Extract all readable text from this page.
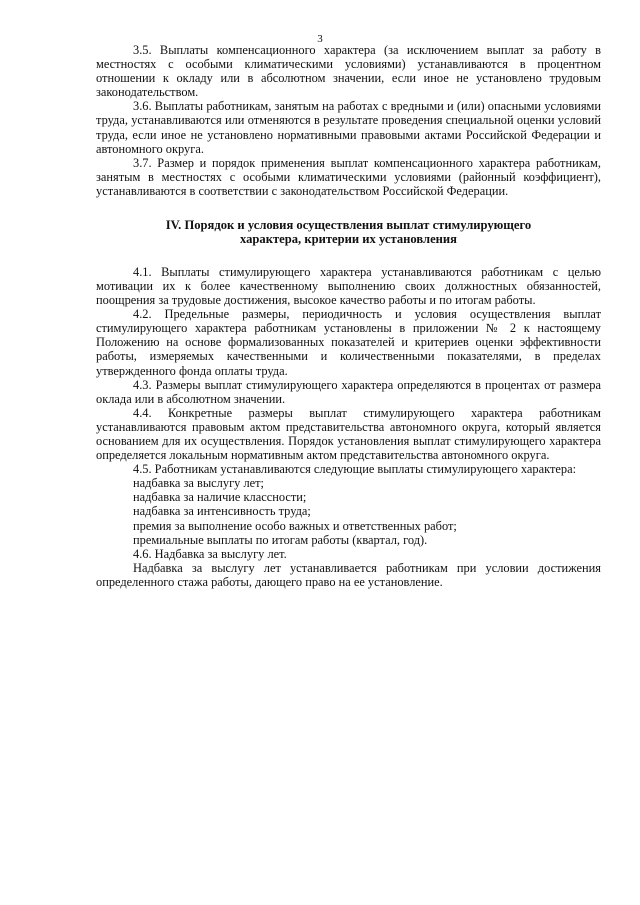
3

3.5. Выплаты компенсационного характера (за исключением выплат за работу в местностях с особыми климатическими условиями) устанавливаются в процентном отношении к окладу или в абсолютном значении, если иное не установлено трудовым законодательством.

3.6. Выплаты работникам, занятым на работах с вредными и (или) опасными условиями труда, устанавливаются или отменяются в результате проведения специальной оценки условий труда, если иное не установлено нормативными правовыми актами Российской Федерации и автономного округа.

3.7. Размер и порядок применения выплат компенсационного характера работникам, занятым в местностях с особыми климатическими условиями (районный коэффициент), устанавливаются в соответствии с законодательством Российской Федерации.

IV. Порядок и условия осуществления выплат стимулирующего
характера, критерии их установления

4.1. Выплаты стимулирующего характера устанавливаются работникам с целью мотивации их к более качественному выполнению своих должностных обязанностей, поощрения за трудовые достижения, высокое качество работы и по итогам работы.

4.2. Предельные размеры, периодичность и условия осуществления выплат стимулирующего характера работникам установлены в приложении № 2 к настоящему Положению на основе формализованных показателей и критериев оценки эффективности работы, измеряемых качественными и количественными показателями, в пределах утвержденного фонда оплаты труда.

4.3. Размеры выплат стимулирующего характера определяются в процентах от размера оклада или в абсолютном значении.

4.4. Конкретные размеры выплат стимулирующего характера работникам устанавливаются правовым актом представительства автономного округа, который является основанием для их осуществления. Порядок установления выплат стимулирующего характера определяется локальным нормативным актом представительства автономного округа.

4.5. Работникам устанавливаются следующие выплаты стимулирующего характера:

надбавка за выслугу лет;

надбавка за наличие классности;

надбавка за интенсивность труда;

премия за выполнение особо важных и ответственных работ;

премиальные выплаты по итогам работы (квартал, год).

4.6. Надбавка за выслугу лет.

Надбавка за выслугу лет устанавливается работникам при условии достижения определенного стажа работы, дающего право на ее установление.
